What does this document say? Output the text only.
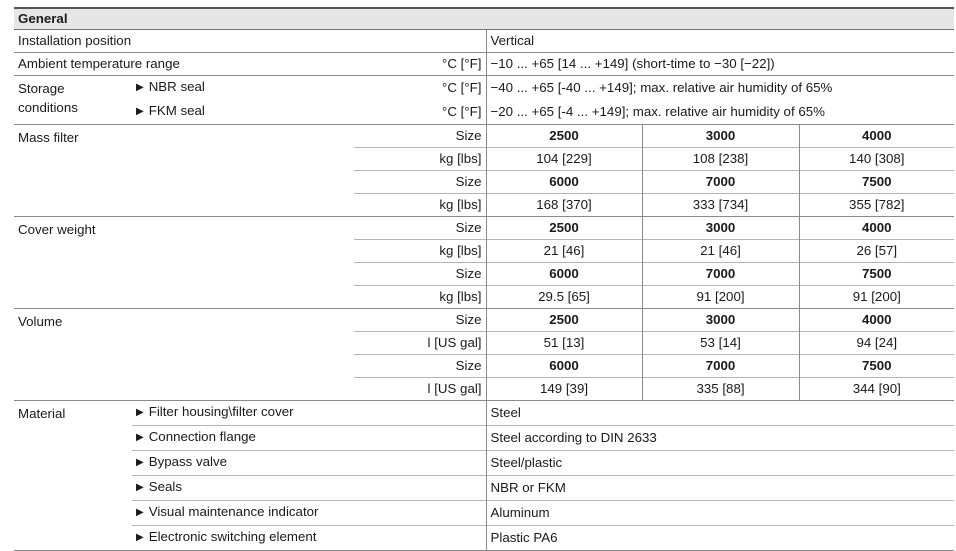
General					
Installation position			Vertical		
Ambient temperature range		°C [°F]	−10 ... +65 [14 ... +149] (short-time to −30 [−22])		
Storage conditions	▶ NBR seal	°C [°F]	−40 ... +65 [-40 ... +149]; max. relative air humidity of 65%		
	▶ FKM seal	°C [°F]	−20 ... +65 [-4 ... +149]; max. relative air humidity of 65%		
Mass filter		Size	2500	3000	4000
		kg [lbs]	104 [229]	108 [238]	140 [308]
		Size	6000	7000	7500
		kg [lbs]	168 [370]	333 [734]	355 [782]
Cover weight		Size	2500	3000	4000
		kg [lbs]	21 [46]	21 [46]	26 [57]
		Size	6000	7000	7500
		kg [lbs]	29.5 [65]	91 [200]	91 [200]
Volume		Size	2500	3000	4000
		l [US gal]	51 [13]	53 [14]	94 [24]
		Size	6000	7000	7500
		l [US gal]	149 [39]	335 [88]	344 [90]
Material	▶ Filter housing\filter cover		Steel		
	▶ Connection flange		Steel according to DIN 2633		
	▶ Bypass valve		Steel/plastic		
	▶ Seals		NBR or FKM		
	▶ Visual maintenance indicator		Aluminum		
	▶ Electronic switching element		Plastic PA6		
